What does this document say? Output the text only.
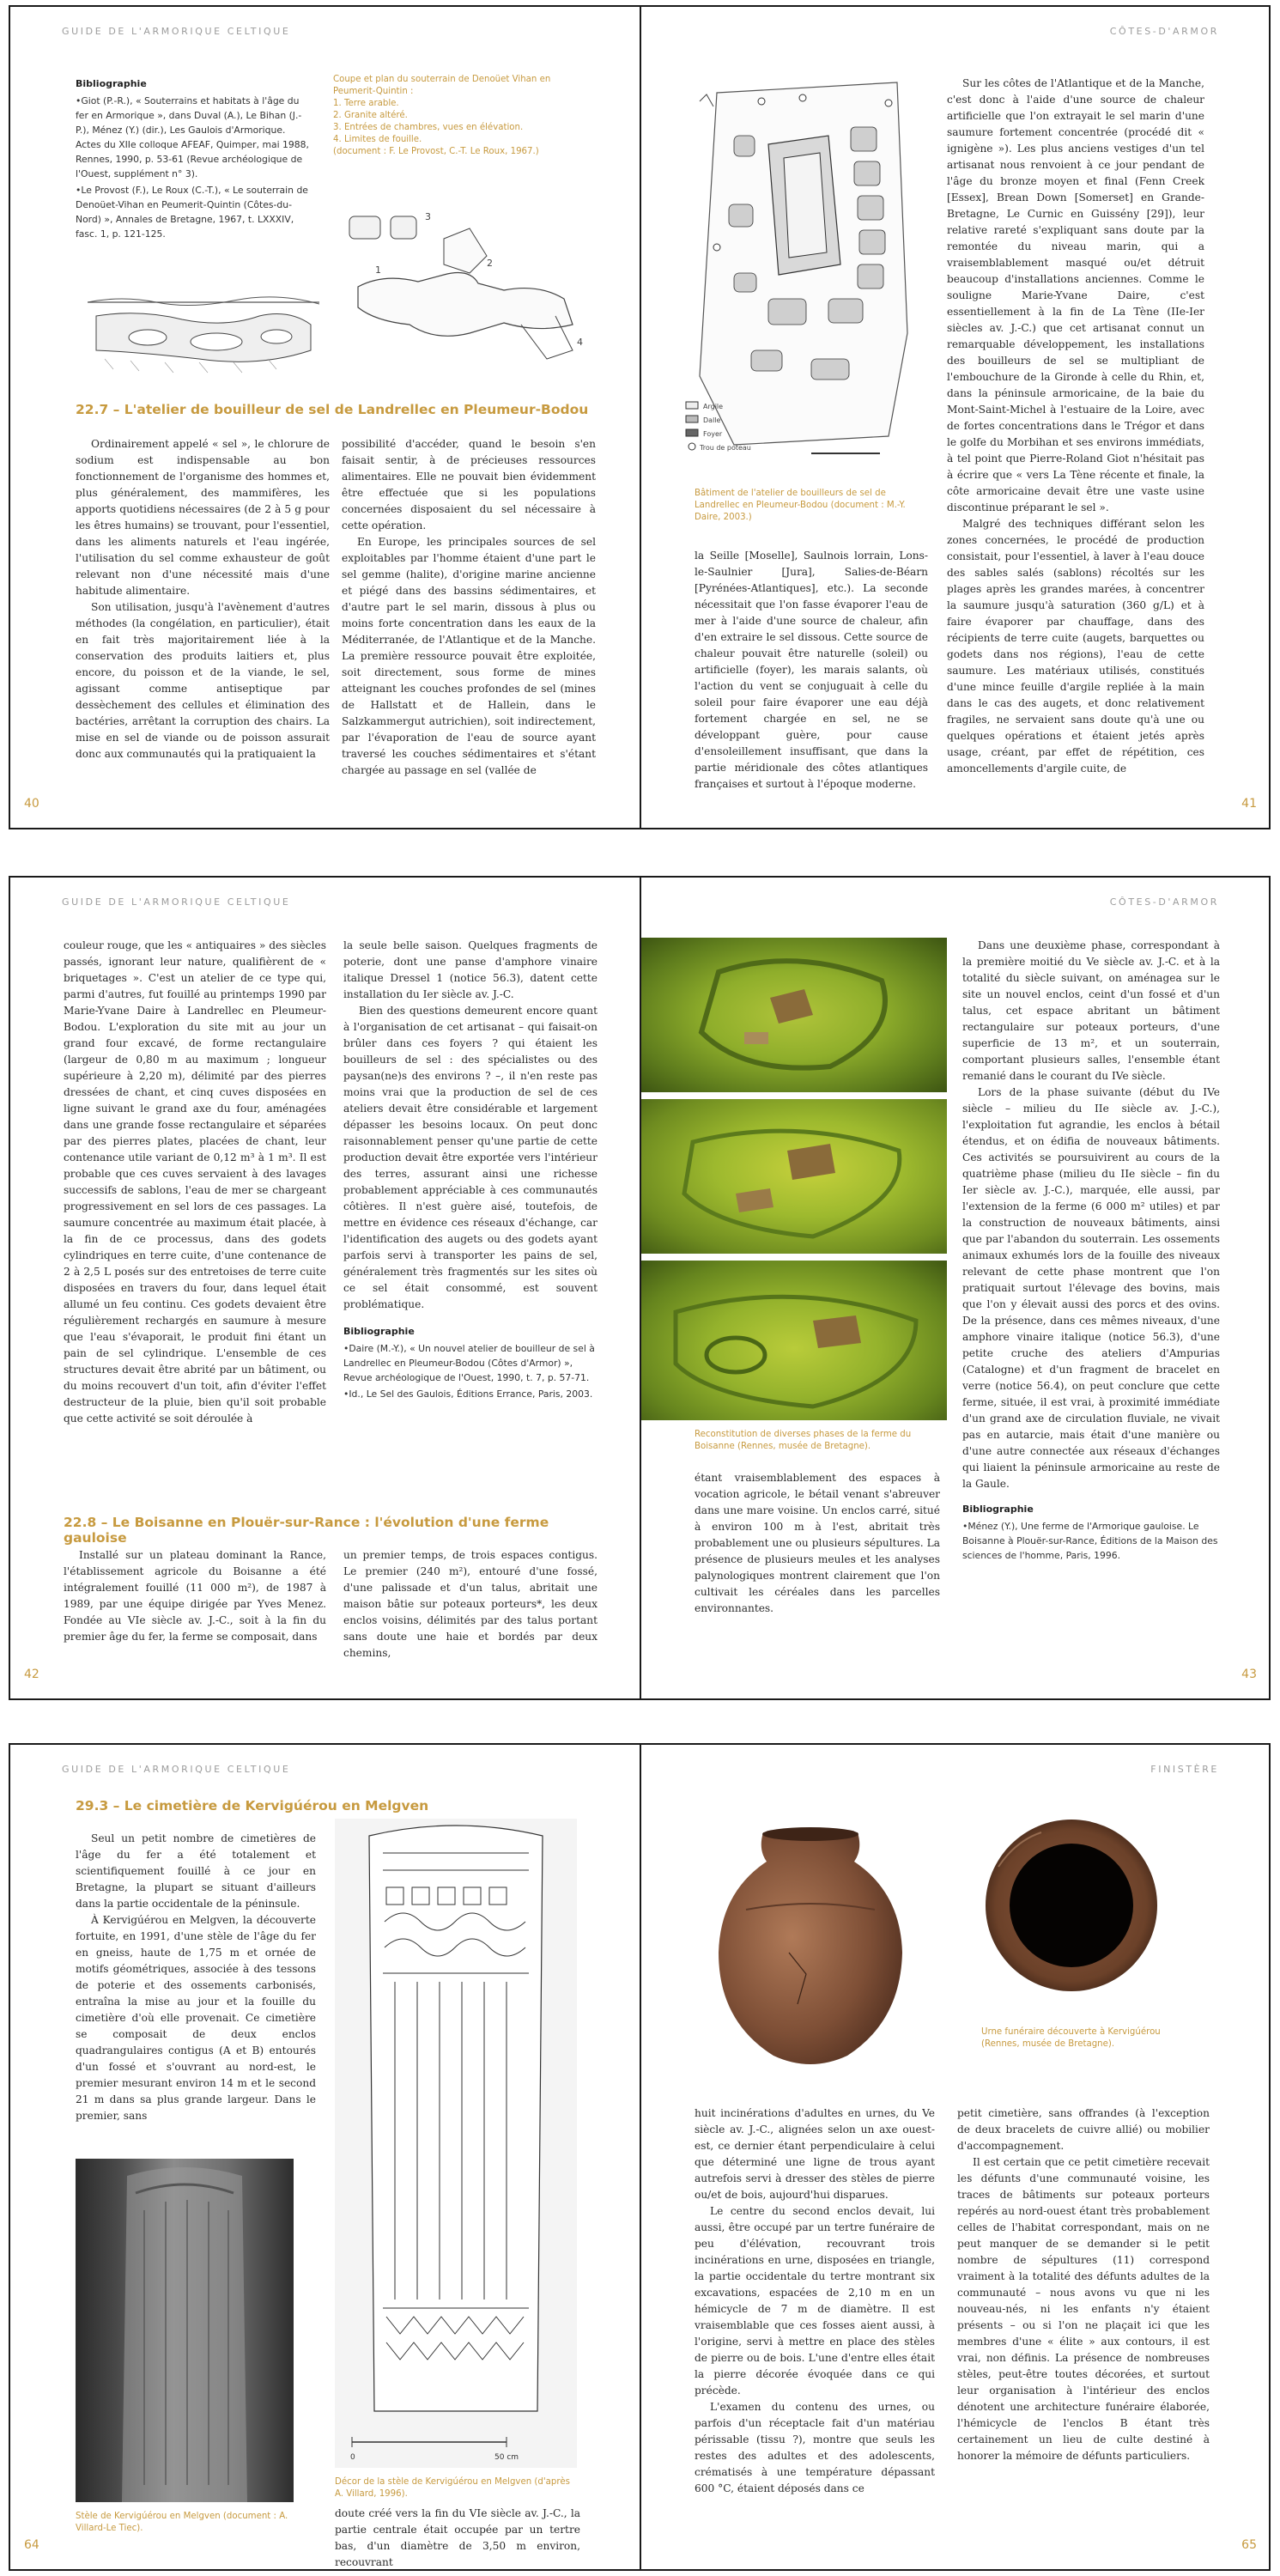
GUIDE DE L'ARMORIQUE CELTIQUE
Bibliographie
•Giot (P.-R.), « Souterrains et habitats à l'âge du fer en Armorique », dans Duval (A.), Le Bihan (J.-P.), Ménez (Y.) (dir.), Les Gaulois d'Armorique. Actes du XIIe colloque AFEAF, Quimper, mai 1988, Rennes, 1990, p. 53-61 (Revue archéologique de l'Ouest, supplément n° 3).
•Le Provost (F.), Le Roux (C.-T.), « Le souterrain de Denoüet-Vihan en Peumerit-Quintin (Côtes-du-Nord) », Annales de Bretagne, 1967, t. LXXXIV, fasc. 1, p. 121-125.
Coupe et plan du souterrain de Denoüet Vihan en Peumerit-Quintin :
1. Terre arable.
2. Granite altéré.
3. Entrées de chambres, vues en élévation.
4. Limites de fouille.
(document : F. Le Provost, C.-T. Le Roux, 1967.)
3
2
1
4
22.7 – L'atelier de bouilleur de sel de Landrellec en Pleumeur-Bodou

Ordinairement appelé « sel », le chlorure de sodium est indispensable au bon fonctionnement de l'organisme des hommes et, plus généralement, des mammifères, les apports quotidiens nécessaires (de 2 à 5 g pour les êtres humains) se trouvant, pour l'essentiel, dans les aliments naturels et l'eau ingérée, l'utilisation du sel comme exhausteur de goût relevant non d'une nécessité mais d'une habitude alimentaire.

Son utilisation, jusqu'à l'avènement d'autres méthodes (la congélation, en particulier), était en fait très majoritairement liée à la conservation des produits laitiers et, plus encore, du poisson et de la viande, le sel, agissant comme antiseptique par dessèchement des cellules et élimination des bactéries, arrêtant la corruption des chairs. La mise en sel de viande ou de poisson assurait donc aux communautés qui la pratiquaient la

possibilité d'accéder, quand le besoin s'en faisait sentir, à de précieuses ressources alimentaires. Elle ne pouvait bien évidemment être effectuée que si les populations concernées disposaient du sel nécessaire à cette opération.

En Europe, les principales sources de sel exploitables par l'homme étaient d'une part le sel gemme (halite), d'origine marine ancienne et piégé dans des bassins sédimentaires, et d'autre part le sel marin, dissous à plus ou moins forte concentration dans les eaux de la Méditerranée, de l'Atlantique et de la Manche. La première ressource pouvait être exploitée, soit directement, sous forme de mines atteignant les couches profondes de sel (mines de Hallstatt et de Hallein, dans le Salzkammergut autrichien), soit indirectement, par l'évaporation de l'eau de source ayant traversé les couches sédimentaires et s'étant chargée au passage en sel (vallée de

40
CÔTES-D'ARMOR
Argile
Dalle
Foyer
Trou de poteau
Bâtiment de l'atelier de bouilleurs de sel de Landrellec en Pleumeur-Bodou (document : M.-Y. Daire, 2003.)

la Seille [Moselle], Saulnois lorrain, Lons-le-Saulnier [Jura], Salies-de-Béarn [Pyrénées-Atlantiques], etc.). La seconde nécessitait que l'on fasse évaporer l'eau de mer à l'aide d'une source de chaleur, afin d'en extraire le sel dissous. Cette source de chaleur pouvait être naturelle (soleil) ou artificielle (foyer), les marais salants, où l'action du vent se conjuguait à celle du soleil pour faire évaporer une eau déjà fortement chargée en sel, ne se développant guère, pour cause d'ensoleillement insuffisant, que dans la partie méridionale des côtes atlantiques françaises et surtout à l'époque moderne.

Sur les côtes de l'Atlantique et de la Manche, c'est donc à l'aide d'une source de chaleur artificielle que l'on extrayait le sel marin d'une saumure fortement concentrée (procédé dit « ignigène »). Les plus anciens vestiges d'un tel artisanat nous renvoient à ce jour pendant de l'âge du bronze moyen et final (Fenn Creek [Essex], Brean Down [Somerset] en Grande-Bretagne, Le Curnic en Guissény [29]), leur relative rareté s'expliquant sans doute par la remontée du niveau marin, qui a vraisemblablement masqué ou/et détruit beaucoup d'installations anciennes. Comme le souligne Marie-Yvane Daire, c'est essentiellement à la fin de La Tène (IIe-Ier siècles av. J.-C.) que cet artisanat connut un remarquable développement, les installations des bouilleurs de sel se multipliant de l'embouchure de la Gironde à celle du Rhin, et, dans la péninsule armoricaine, de la baie du Mont-Saint-Michel à l'estuaire de la Loire, avec de fortes concentrations dans le Trégor et dans le golfe du Morbihan et ses environs immédiats, à tel point que Pierre-Roland Giot n'hésitait pas à écrire que « vers La Tène récente et finale, la côte armoricaine devait être une vaste usine discontinue préparant le sel ».

Malgré des techniques différant selon les zones concernées, le procédé de production consistait, pour l'essentiel, à laver à l'eau douce des sables salés (sablons) récoltés sur les plages après les grandes marées, à concentrer la saumure jusqu'à saturation (360 g/L) et à faire évaporer par chauffage, dans des récipients de terre cuite (augets, barquettes ou godets dans nos régions), l'eau de cette saumure. Les matériaux utilisés, constitués d'une mince feuille d'argile repliée à la main dans le cas des augets, et donc relativement fragiles, ne servaient sans doute qu'à une ou quelques opérations et étaient jetés après usage, créant, par effet de répétition, ces amoncellements d'argile cuite, de

41
GUIDE DE L'ARMORIQUE CELTIQUE

couleur rouge, que les « antiquaires » des siècles passés, ignorant leur nature, qualifièrent de « briquetages ». C'est un atelier de ce type qui, parmi d'autres, fut fouillé au printemps 1990 par Marie-Yvane Daire à Landrellec en Pleumeur-Bodou. L'exploration du site mit au jour un grand four excavé, de forme rectangulaire (largeur de 0,80 m au maximum ; longueur supérieure à 2,20 m), délimité par des pierres dressées de chant, et cinq cuves disposées en ligne suivant le grand axe du four, aménagées dans une grande fosse rectangulaire et séparées par des pierres plates, placées de chant, leur contenance utile variant de 0,12 m³ à 1 m³. Il est probable que ces cuves servaient à des lavages successifs de sablons, l'eau de mer se chargeant progressivement en sel lors de ces passages. La saumure concentrée au maximum était placée, à la fin de ce processus, dans des godets cylindriques en terre cuite, d'une contenance de 2 à 2,5 L posés sur des entretoises de terre cuite disposées en travers du four, dans lequel était allumé un feu continu. Ces godets devaient être régulièrement rechargés en saumure à mesure que l'eau s'évaporait, le produit fini étant un pain de sel cylindrique. L'ensemble de ces structures devait être abrité par un bâtiment, ou du moins recouvert d'un toit, afin d'éviter l'effet destructeur de la pluie, bien qu'il soit probable que cette activité se soit déroulée à

la seule belle saison. Quelques fragments de poterie, dont une panse d'amphore vinaire italique Dressel 1 (notice 56.3), datent cette installation du Ier siècle av. J.-C.

Bien des questions demeurent encore quant à l'organisation de cet artisanat – qui faisait-on brûler dans ces foyers ? qui étaient les bouilleurs de sel : des spécialistes ou des paysan(ne)s des environs ? –, il n'en reste pas moins vrai que la production de sel de ces ateliers devait être considérable et largement dépasser les besoins locaux. On peut donc raisonnablement penser qu'une partie de cette production devait être exportée vers l'intérieur des terres, assurant ainsi une richesse probablement appréciable à ces communautés côtières. Il n'est guère aisé, toutefois, de mettre en évidence ces réseaux d'échange, car l'identification des augets ou des godets ayant parfois servi à transporter les pains de sel, généralement très fragmentés sur les sites où ce sel était consommé, est souvent problématique.

Bibliographie
•Daire (M.-Y.), « Un nouvel atelier de bouilleur de sel à Landrellec en Pleumeur-Bodou (Côtes d'Armor) », Revue archéologique de l'Ouest, 1990, t. 7, p. 57-71.
•Id., Le Sel des Gaulois, Éditions Errance, Paris, 2003.
22.8 – Le Boisanne en Plouër-sur-Rance : l'évolution d'une ferme gauloise

Installé sur un plateau dominant la Rance, l'établissement agricole du Boisanne a été intégralement fouillé (11 000 m²), de 1987 à 1989, par une équipe dirigée par Yves Menez. Fondée au VIe siècle av. J.-C., soit à la fin du premier âge du fer, la ferme se composait, dans

un premier temps, de trois espaces contigus. Le premier (240 m²), entouré d'une fossé, d'une palissade et d'un talus, abritait une maison bâtie sur poteaux porteurs*, les deux enclos voisins, délimités par des talus portant sans doute une haie et bordés par deux chemins,

42
CÔTES-D'ARMOR
Reconstitution de diverses phases de la ferme du Boisanne (Rennes, musée de Bretagne).

étant vraisemblablement des espaces à vocation agricole, le bétail venant s'abreuver dans une mare voisine. Un enclos carré, situé à environ 100 m à l'est, abritait très probablement une ou plusieurs sépultures. La présence de plusieurs meules et les analyses palynologiques montrent clairement que l'on cultivait les céréales dans les parcelles environnantes.

Dans une deuxième phase, correspondant à la première moitié du Ve siècle av. J.-C. et à la totalité du siècle suivant, on aménagea sur le site un nouvel enclos, ceint d'un fossé et d'un talus, cet espace abritant un bâtiment rectangulaire sur poteaux porteurs, d'une superficie de 13 m², et un souterrain, comportant plusieurs salles, l'ensemble étant remanié dans le courant du IVe siècle.

Lors de la phase suivante (début du IVe siècle – milieu du IIe siècle av. J.-C.), l'exploitation fut agrandie, les enclos à bétail étendus, et on édifia de nouveaux bâtiments. Ces activités se poursuivirent au cours de la quatrième phase (milieu du IIe siècle – fin du Ier siècle av. J.-C.), marquée, elle aussi, par l'extension de la ferme (6 000 m² utiles) et par la construction de nouveaux bâtiments, ainsi que par l'abandon du souterrain. Les ossements animaux exhumés lors de la fouille des niveaux relevant de cette phase montrent que l'on pratiquait surtout l'élevage des bovins, mais que l'on y élevait aussi des porcs et des ovins. De la présence, dans ces mêmes niveaux, d'une amphore vinaire italique (notice 56.3), d'une petite cruche des ateliers d'Ampurias (Catalogne) et d'un fragment de bracelet en verre (notice 56.4), on peut conclure que cette ferme, située, il est vrai, à proximité immédiate d'un grand axe de circulation fluviale, ne vivait pas en autarcie, mais était d'une manière ou d'une autre connectée aux réseaux d'échanges qui liaient la péninsule armoricaine au reste de la Gaule.

Bibliographie
•Ménez (Y.), Une ferme de l'Armorique gauloise. Le Boisanne à Plouër-sur-Rance, Éditions de la Maison des sciences de l'homme, Paris, 1996.
43
GUIDE DE L'ARMORIQUE CELTIQUE
29.3 – Le cimetière de Kervigúérou en Melgven

Seul un petit nombre de cimetières de l'âge du fer a été totalement et scientifiquement fouillé à ce jour en Bretagne, la plupart se situant d'ailleurs dans la partie occidentale de la péninsule.

À Kervigúérou en Melgven, la découverte fortuite, en 1991, d'une stèle de l'âge du fer en gneiss, haute de 1,75 m et ornée de motifs géométriques, associée à des tessons de poterie et des ossements carbonisés, entraîna la mise au jour et la fouille du cimetière d'où elle provenait. Ce cimetière se composait de deux enclos quadrangulaires contigus (A et B) entourés d'un fossé et s'ouvrant au nord-est, le premier mesurant environ 14 m et le second 21 m dans sa plus grande largeur. Dans le premier, sans

Stèle de Kervigúérou en Melgven (document : A. Villard-Le Tiec).
0	50 cm
Décor de la stèle de Kervigúérou en Melgven (d'après A. Villard, 1996).

doute créé vers la fin du VIe siècle av. J.-C., la partie centrale était occupée par un tertre bas, d'un diamètre de 3,50 m environ, recouvrant

64
FINISTÈRE
Urne funéraire découverte à Kervigúérou (Rennes, musée de Bretagne).

huit incinérations d'adultes en urnes, du Ve siècle av. J.-C., alignées selon un axe ouest-est, ce dernier étant perpendiculaire à celui que déterminé une ligne de trous ayant autrefois servi à dresser des stèles de pierre ou/et de bois, aujourd'hui disparues.

Le centre du second enclos devait, lui aussi, être occupé par un tertre funéraire de peu d'élévation, recouvrant trois incinérations en urne, disposées en triangle, la partie occidentale du tertre montrant six excavations, espacées de 2,10 m en un hémicycle de 7 m de diamètre. Il est vraisemblable que ces fosses aient aussi, à l'origine, servi à mettre en place des stèles de pierre ou de bois. L'une d'entre elles était la pierre décorée évoquée dans ce qui précède.

L'examen du contenu des urnes, ou parfois d'un réceptacle fait d'un matériau périssable (tissu ?), montre que seuls les restes des adultes et des adolescents, crématisés à une température dépassant 600 °C, étaient déposés dans ce

petit cimetière, sans offrandes (à l'exception de deux bracelets de cuivre allié) ou mobilier d'accompagnement.

Il est certain que ce petit cimetière recevait les défunts d'une communauté voisine, les traces de bâtiments sur poteaux porteurs repérés au nord-ouest étant très probablement celles de l'habitat correspondant, mais on ne peut manquer de se demander si le petit nombre de sépultures (11) correspond vraiment à la totalité des défunts adultes de la communauté – nous avons vu que ni les nouveau-nés, ni les enfants n'y étaient présents – ou si l'on ne plaçait ici que les membres d'une « élite » aux contours, il est vrai, non définis. La présence de nombreuses stèles, peut-être toutes décorées, et surtout leur organisation à l'intérieur des enclos dénotent une architecture funéraire élaborée, l'hémicycle de l'enclos B étant très certainement un lieu de culte destiné à honorer la mémoire de défunts particuliers.

65
